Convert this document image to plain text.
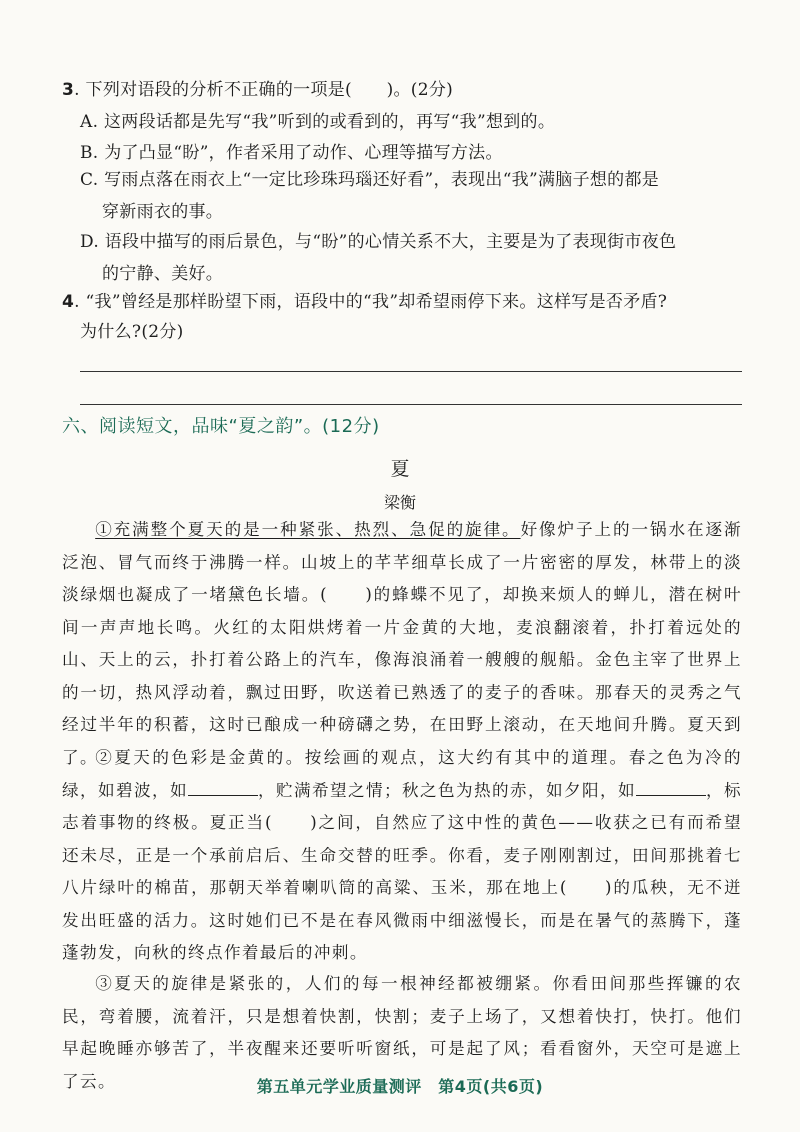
3. 下列对语段的分析不正确的一项是(　　)。(2分)
A. 这两段话都是先写“我”听到的或看到的，再写“我”想到的。
B. 为了凸显“盼”，作者采用了动作、心理等描写方法。
C. 写雨点落在雨衣上“一定比珍珠玛瑙还好看”，表现出“我”满脑子想的都是
穿新雨衣的事。
D. 语段中描写的雨后景色，与“盼”的心情关系不大，主要是为了表现街市夜色
的宁静、美好。
4. “我”曾经是那样盼望下雨，语段中的“我”却希望雨停下来。这样写是否矛盾?
为什么?(2分)
六、阅读短文，品味“夏之韵”。(12分)
夏
梁衡
①充满整个夏天的是一种紧张、热烈、急促的旋律。好像炉子上的一锅水在逐渐泛泡、冒气而终于沸腾一样。山坡上的芊芊细草长成了一片密密的厚发，林带上的淡淡绿烟也凝成了一堵黛色长墙。(　　)的蜂蝶不见了，却换来烦人的蝉儿，潜在树叶间一声声地长鸣。火红的太阳烘烤着一片金黄的大地，麦浪翻滚着，扑打着远处的山、天上的云，扑打着公路上的汽车，像海浪涌着一艘艘的舰船。金色主宰了世界上的一切，热风浮动着，飘过田野，吹送着已熟透了的麦子的香味。那春天的灵秀之气经过半年的积蓄，这时已酿成一种磅礴之势，在田野上滚动，在天地间升腾。夏天到了。
②夏天的色彩是金黄的。按绘画的观点，这大约有其中的道理。春之色为冷的绿，如碧波，如	，贮满希望之情；秋之色为热的赤，如夕阳，如	，标志着事物的终极。夏正当(　　)之间，自然应了这中性的黄色——收获之已有而希望还未尽，正是一个承前启后、生命交替的旺季。你看，麦子刚刚割过，田间那挑着七八片绿叶的棉苗，那朝天举着喇叭筒的高粱、玉米，那在地上(　　)的瓜秧，无不迸发出旺盛的活力。这时她们已不是在春风微雨中细滋慢长，而是在暑气的蒸腾下，蓬蓬勃发，向秋的终点作着最后的冲刺。
③夏天的旋律是紧张的，人们的每一根神经都被绷紧。你看田间那些挥镰的农民，弯着腰，流着汗，只是想着快割，快割；麦子上场了，又想着快打，快打。他们早起晚睡亦够苦了，半夜醒来还要听听窗纸，可是起了风；看看窗外，天空可是遮上了云。	第五单元学业质量测评　第4页(共6页)
